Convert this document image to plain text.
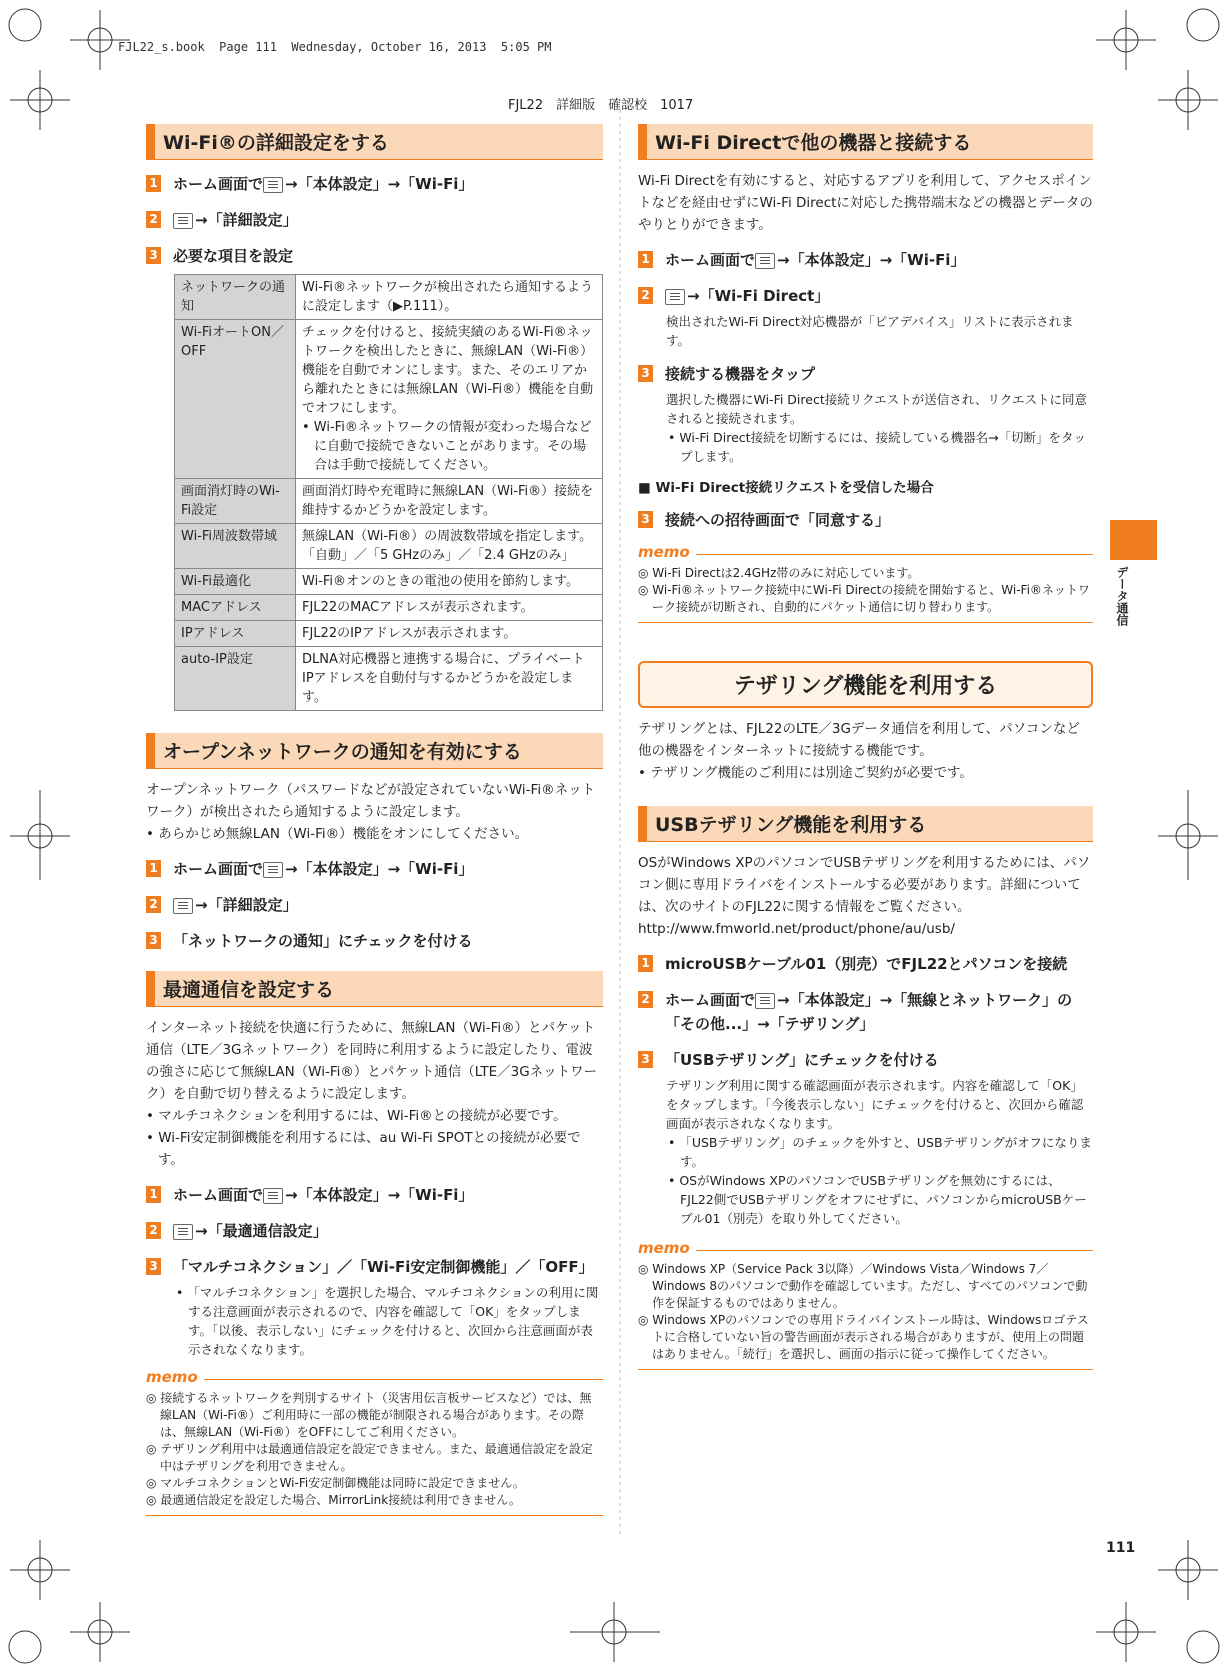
FJL22_s.book  Page 111  Wednesday, October 16, 2013  5:05 PM
FJL22　詳細版　確認校　1017
Wi-Fi®の詳細設定をする
1 ホーム画面で →「本体設定」→「Wi-Fi」
2	→「詳細設定」
3 必要な項目を設定
ネットワークの通知	Wi-Fi®ネットワークが検出されたら通知するように設定します（▶P.111）。
Wi-FiオートON／OFF	チェックを付けると、接続実績のあるWi-Fi®ネットワークを検出したときに、無線LAN（Wi-Fi®）機能を自動でオンにします。また、そのエリアから離れたときには無線LAN（Wi-Fi®）機能を自動でオフにします。
• Wi-Fi®ネットワークの情報が変わった場合などに自動で接続できないことがあります。その場合は手動で接続してください。

画面消灯時のWi-Fi設定	画面消灯時や充電時に無線LAN（Wi-Fi®）接続を維持するかどうかを設定します。
Wi-Fi周波数帯域	無線LAN（Wi-Fi®）の周波数帯域を指定します。
「自動」／「5 GHzのみ」／「2.4 GHzのみ」

Wi-Fi最適化	Wi-Fi®オンのときの電池の使用を節約します。
MACアドレス	FJL22のMACアドレスが表示されます。
IPアドレス	FJL22のIPアドレスが表示されます。
auto-IP設定	DLNA対応機器と連携する場合に、プライベートIPアドレスを自動付与するかどうかを設定します。
オープンネットワークの通知を有効にする
オープンネットワーク（パスワードなどが設定されていないWi-Fi®ネットワーク）が検出されたら通知するように設定します。
• あらかじめ無線LAN（Wi-Fi®）機能をオンにしてください。
1 ホーム画面で →「本体設定」→「Wi-Fi」
2	→「詳細設定」
3 「ネットワークの通知」にチェックを付ける
最適通信を設定する
インターネット接続を快適に行うために、無線LAN（Wi-Fi®）とパケット通信（LTE／3Gネットワーク）を同時に利用するように設定したり、電波の強さに応じて無線LAN（Wi-Fi®）とパケット通信（LTE／3Gネットワーク）を自動で切り替えるように設定します。
• マルチコネクションを利用するには、Wi-Fi®との接続が必要です。
• Wi-Fi安定制御機能を利用するには、au Wi-Fi SPOTとの接続が必要です。
1 ホーム画面で →「本体設定」→「Wi-Fi」
2	→「最適通信設定」
3 「マルチコネクション」／「Wi-Fi安定制御機能」／「OFF」
• 「マルチコネクション」を選択した場合、マルチコネクションの利用に関する注意画面が表示されるので、内容を確認して「OK」をタップします。「以後、表示しない」にチェックを付けると、次回から注意画面が表示されなくなります。
memo
◎ 接続するネットワークを判別するサイト（災害用伝言板サービスなど）では、無線LAN（Wi-Fi®）ご利用時に一部の機能が制限される場合があります。その際は、無線LAN（Wi-Fi®）をOFFにしてご利用ください。
◎ テザリング利用中は最適通信設定を設定できません。また、最適通信設定を設定中はテザリングを利用できません。
◎ マルチコネクションとWi-Fi安定制御機能は同時に設定できません。
◎ 最適通信設定を設定した場合、MirrorLink接続は利用できません。
Wi-Fi Directで他の機器と接続する
Wi-Fi Directを有効にすると、対応するアプリを利用して、アクセスポイントなどを経由せずにWi-Fi Directに対応した携帯端末などの機器とデータのやりとりができます。
1 ホーム画面で →「本体設定」→「Wi-Fi」
2	→「Wi-Fi Direct」
検出されたWi-Fi Direct対応機器が「ピアデバイス」リストに表示されます。
3 接続する機器をタップ
選択した機器にWi-Fi Direct接続リクエストが送信され、リクエストに同意されると接続されます。
• Wi-Fi Direct接続を切断するには、接続している機器名→「切断」をタップします。
■ Wi-Fi Direct接続リクエストを受信した場合
3 接続への招待画面で「同意する」
memo
◎ Wi-Fi Directは2.4GHz帯のみに対応しています。
◎ Wi-Fi®ネットワーク接続中にWi-Fi Directの接続を開始すると、Wi-Fi®ネットワーク接続が切断され、自動的にパケット通信に切り替わります。
テザリング機能を利用する
テザリングとは、FJL22のLTE／3Gデータ通信を利用して、パソコンなど他の機器をインターネットに接続する機能です。
• テザリング機能のご利用には別途ご契約が必要です。
USBテザリング機能を利用する
OSがWindows XPのパソコンでUSBテザリングを利用するためには、パソコン側に専用ドライバをインストールする必要があります。詳細については、次のサイトのFJL22に関する情報をご覧ください。
http://www.fmworld.net/product/phone/au/usb/
1 microUSBケーブル01（別売）でFJL22とパソコンを接続
2 ホーム画面で →「本体設定」→「無線とネットワーク」の「その他...」→「テザリング」
3 「USBテザリング」にチェックを付ける
テザリング利用に関する確認画面が表示されます。内容を確認して「OK」をタップします。「今後表示しない」にチェックを付けると、次回から確認画面が表示されなくなります。
• 「USBテザリング」のチェックを外すと、USBテザリングがオフになります。
• OSがWindows XPのパソコンでUSBテザリングを無効にするには、FJL22側でUSBテザリングをオフにせずに、パソコンからmicroUSBケーブル01（別売）を取り外してください。
memo
◎ Windows XP（Service Pack 3以降）／Windows Vista／Windows 7／Windows 8のパソコンで動作を確認しています。ただし、すべてのパソコンで動作を保証するものではありません。
◎ Windows XPのパソコンでの専用ドライバインストール時は、Windowsロゴテストに合格していない旨の警告画面が表示される場合がありますが、使用上の問題はありません。「続行」を選択し、画面の指示に従って操作してください。
データ通信
111
